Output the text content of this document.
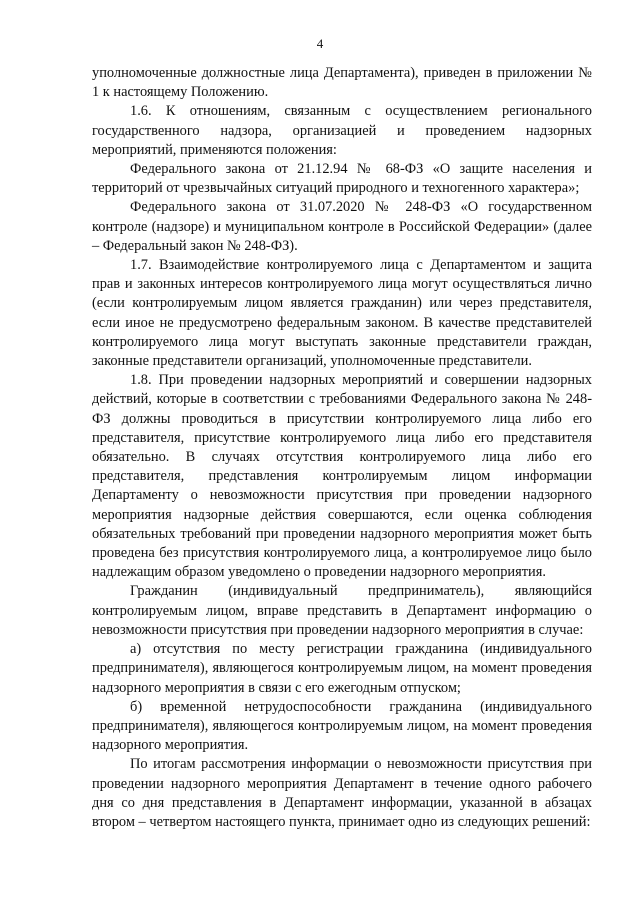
4

уполномоченные должностные лица Департамента), приведен в приложении № 1 к настоящему Положению.

1.6. К отношениям, связанным с осуществлением регионального государственного надзора, организацией и проведением надзорных мероприятий, применяются положения:

Федерального закона от 21.12.94 № 68-ФЗ «О защите населения и территорий от чрезвычайных ситуаций природного и техногенного характера»;

Федерального закона от 31.07.2020 № 248-ФЗ «О государственном контроле (надзоре) и муниципальном контроле в Российской Федерации» (далее – Федеральный закон № 248-ФЗ).

1.7. Взаимодействие контролируемого лица с Департаментом и защита прав и законных интересов контролируемого лица могут осуществляться лично (если контролируемым лицом является гражданин) или через представителя, если иное не предусмотрено федеральным законом. В качестве представителей контролируемого лица могут выступать законные представители граждан, законные представители организаций, уполномоченные представители.

1.8. При проведении надзорных мероприятий и совершении надзорных действий, которые в соответствии с требованиями Федерального закона № 248-ФЗ должны проводиться в присутствии контролируемого лица либо его представителя, присутствие контролируемого лица либо его представителя обязательно. В случаях отсутствия контролируемого лица либо его представителя, представления контролируемым лицом информации Департаменту о невозможности присутствия при проведении надзорного мероприятия надзорные действия совершаются, если оценка соблюдения обязательных требований при проведении надзорного мероприятия может быть проведена без присутствия контролируемого лица, а контролируемое лицо было надлежащим образом уведомлено о проведении надзорного мероприятия.

Гражданин (индивидуальный предприниматель), являющийся контролируемым лицом, вправе представить в Департамент информацию о невозможности присутствия при проведении надзорного мероприятия в случае:

а) отсутствия по месту регистрации гражданина (индивидуального предпринимателя), являющегося контролируемым лицом, на момент проведения надзорного мероприятия в связи с его ежегодным отпуском;

б) временной нетрудоспособности гражданина (индивидуального предпринимателя), являющегося контролируемым лицом, на момент проведения надзорного мероприятия.

По итогам рассмотрения информации о невозможности присутствия при проведении надзорного мероприятия Департамент в течение одного рабочего дня со дня представления в Департамент информации, указанной в абзацах втором – четвертом настоящего пункта, принимает одно из следующих решений:
